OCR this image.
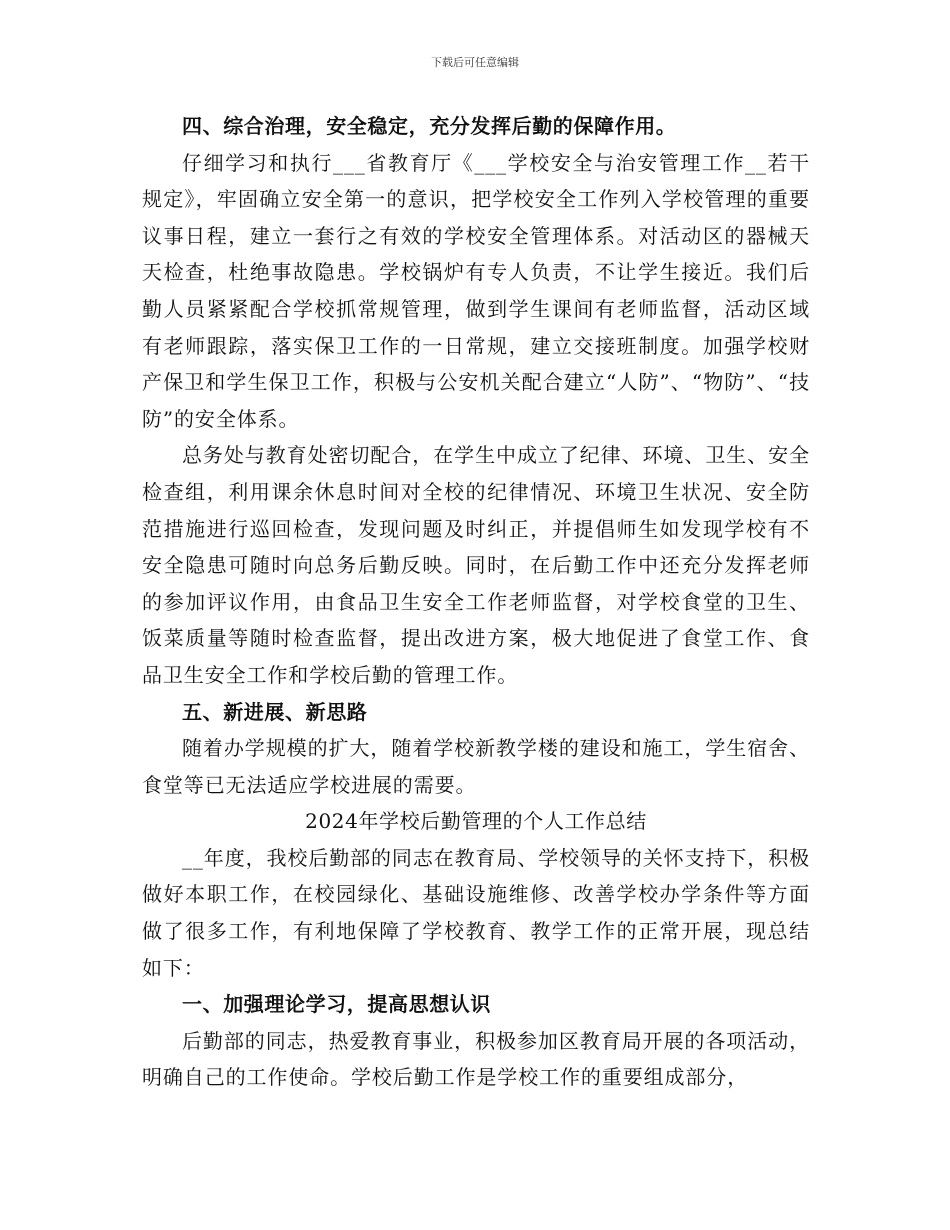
下载后可任意编辑

四、综合治理，安全稳定，充分发挥后勤的保障作用。

仔细学习和执行___省教育厅《___学校安全与治安管理工作__若干规定》，牢固确立安全第一的意识，把学校安全工作列入学校管理的重要议事日程，建立一套行之有效的学校安全管理体系。对活动区的器械天天检查，杜绝事故隐患。学校锅炉有专人负责，不让学生接近。我们后勤人员紧紧配合学校抓常规管理，做到学生课间有老师监督，活动区域有老师跟踪，落实保卫工作的一日常规，建立交接班制度。加强学校财产保卫和学生保卫工作，积极与公安机关配合建立“人防”、“物防”、“技防”的安全体系。

总务处与教育处密切配合，在学生中成立了纪律、环境、卫生、安全检查组，利用课余休息时间对全校的纪律情况、环境卫生状况、安全防范措施进行巡回检查，发现问题及时纠正，并提倡师生如发现学校有不安全隐患可随时向总务后勤反映。同时，在后勤工作中还充分发挥老师的参加评议作用，由食品卫生安全工作老师监督，对学校食堂的卫生、饭菜质量等随时检查监督，提出改进方案，极大地促进了食堂工作、食品卫生安全工作和学校后勤的管理工作。

五、新进展、新思路

随着办学规模的扩大，随着学校新教学楼的建设和施工，学生宿舍、食堂等已无法适应学校进展的需要。

2024年学校后勤管理的个人工作总结

__年度，我校后勤部的同志在教育局、学校领导的关怀支持下，积极做好本职工作，在校园绿化、基础设施维修、改善学校办学条件等方面做了很多工作，有利地保障了学校教育、教学工作的正常开展，现总结如下：

一、加强理论学习，提高思想认识

后勤部的同志，热爱教育事业，积极参加区教育局开展的各项活动，明确自己的工作使命。学校后勤工作是学校工作的重要组成部分，
